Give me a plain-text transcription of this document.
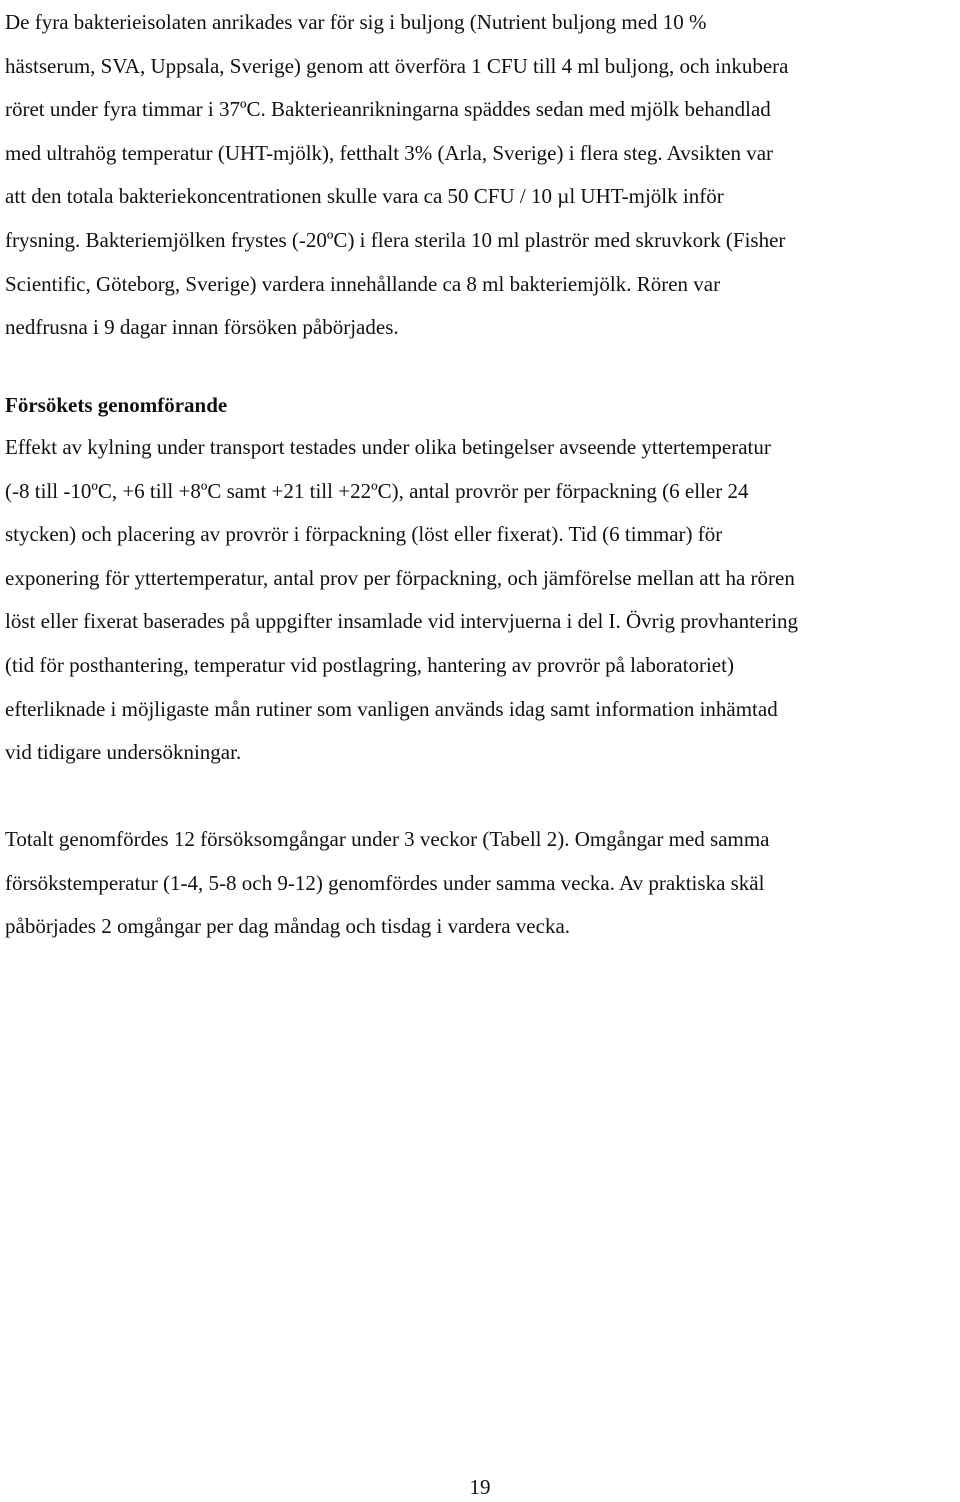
De fyra bakterieisolaten anrikades var för sig i buljong (Nutrient buljong med 10 %
hästserum, SVA, Uppsala, Sverige) genom att överföra 1 CFU till 4 ml buljong, och inkubera
röret under fyra timmar i 37ºC. Bakterieanrikningarna späddes sedan med mjölk behandlad
med ultrahög temperatur (UHT-mjölk), fetthalt 3% (Arla, Sverige) i flera steg. Avsikten var
att den totala bakteriekoncentrationen skulle vara ca 50 CFU / 10 µl UHT-mjölk inför
frysning. Bakteriemjölken frystes (-20ºC) i flera sterila 10 ml plaströr med skruvkork (Fisher
Scientific, Göteborg, Sverige) vardera innehållande ca 8 ml bakteriemjölk. Rören var
nedfrusna i 9 dagar innan försöken påbörjades.

Försökets genomförande

Effekt av kylning under transport testades under olika betingelser avseende yttertemperatur
(-8 till -10ºC, +6 till +8ºC samt +21 till +22ºC), antal provrör per förpackning (6 eller 24
stycken) och placering av provrör i förpackning (löst eller fixerat). Tid (6 timmar) för
exponering för yttertemperatur, antal prov per förpackning, och jämförelse mellan att ha rören
löst eller fixerat baserades på uppgifter insamlade vid intervjuerna i del I. Övrig provhantering
(tid för posthantering, temperatur vid postlagring, hantering av provrör på laboratoriet)
efterliknade i möjligaste mån rutiner som vanligen används idag samt information inhämtad
vid tidigare undersökningar.

Totalt genomfördes 12 försöksomgångar under 3 veckor (Tabell 2). Omgångar med samma
försökstemperatur (1-4, 5-8 och 9-12) genomfördes under samma vecka. Av praktiska skäl
påbörjades 2 omgångar per dag måndag och tisdag i vardera vecka.

19
